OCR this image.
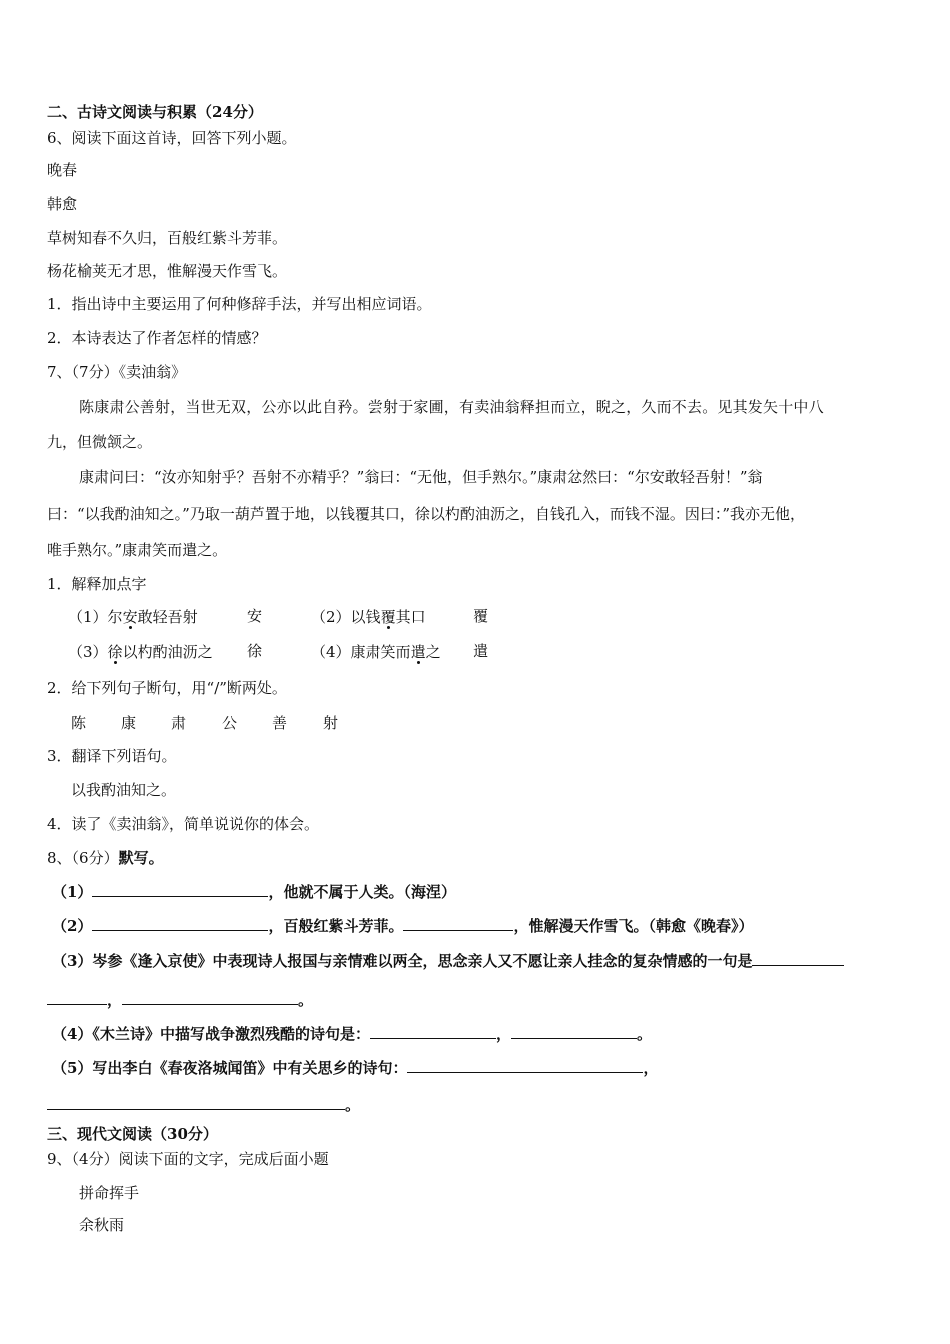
二、古诗文阅读与积累（24分）
6、阅读下面这首诗，回答下列小题。
晚春
韩愈
草树知春不久归，百般红紫斗芳菲。
杨花榆荚无才思，惟解漫天作雪飞。
1．指出诗中主要运用了何种修辞手法，并写出相应词语。
2．本诗表达了作者怎样的情感？
7、（7分）《卖油翁》
陈康肃公善射，当世无双，公亦以此自矜。尝射于家圃，有卖油翁释担而立，睨之，久而不去。见其发矢十中八
九，但微颔之。
康肃问曰：“汝亦知射乎？吾射不亦精乎？”翁曰：“无他，但手熟尔。”康肃忿然曰：“尔安敢轻吾射！”翁
曰：“以我酌油知之。”乃取一葫芦置于地，以钱覆其口，徐以杓酌油沥之，自钱孔入，而钱不湿。因曰：”我亦无他，
唯手熟尔。”康肃笑而遣之。
1．解释加点字
（1）尔安敢轻吾射	安	（2）以钱覆其口	覆
（3）徐以杓酌油沥之 徐	（4）康肃笑而遣之 遣
2．给下列句子断句，用“/”断两处。
陈 康 肃 公 善 射
3．翻译下列语句。
以我酌油知之。
4．读了《卖油翁》，简单说说你的体会。
8、（6分）默写。
（1）	，他就不属于人类。（海涅）
（2）	，百般红紫斗芳菲。	，惟解漫天作雪飞。（韩愈《晚春》）
（3）岑参《逢入京使》中表现诗人报国与亲情难以两全，思念亲人又不愿让亲人挂念的复杂情感的一句是
，	。
（4）《木兰诗》中描写战争激烈残酷的诗句是：	，	。
（5）写出李白《春夜洛城闻笛》中有关思乡的诗句：	，
。
三、现代文阅读（30分）
9、（4分）阅读下面的文字，完成后面小题
拼命挥手
余秋雨
